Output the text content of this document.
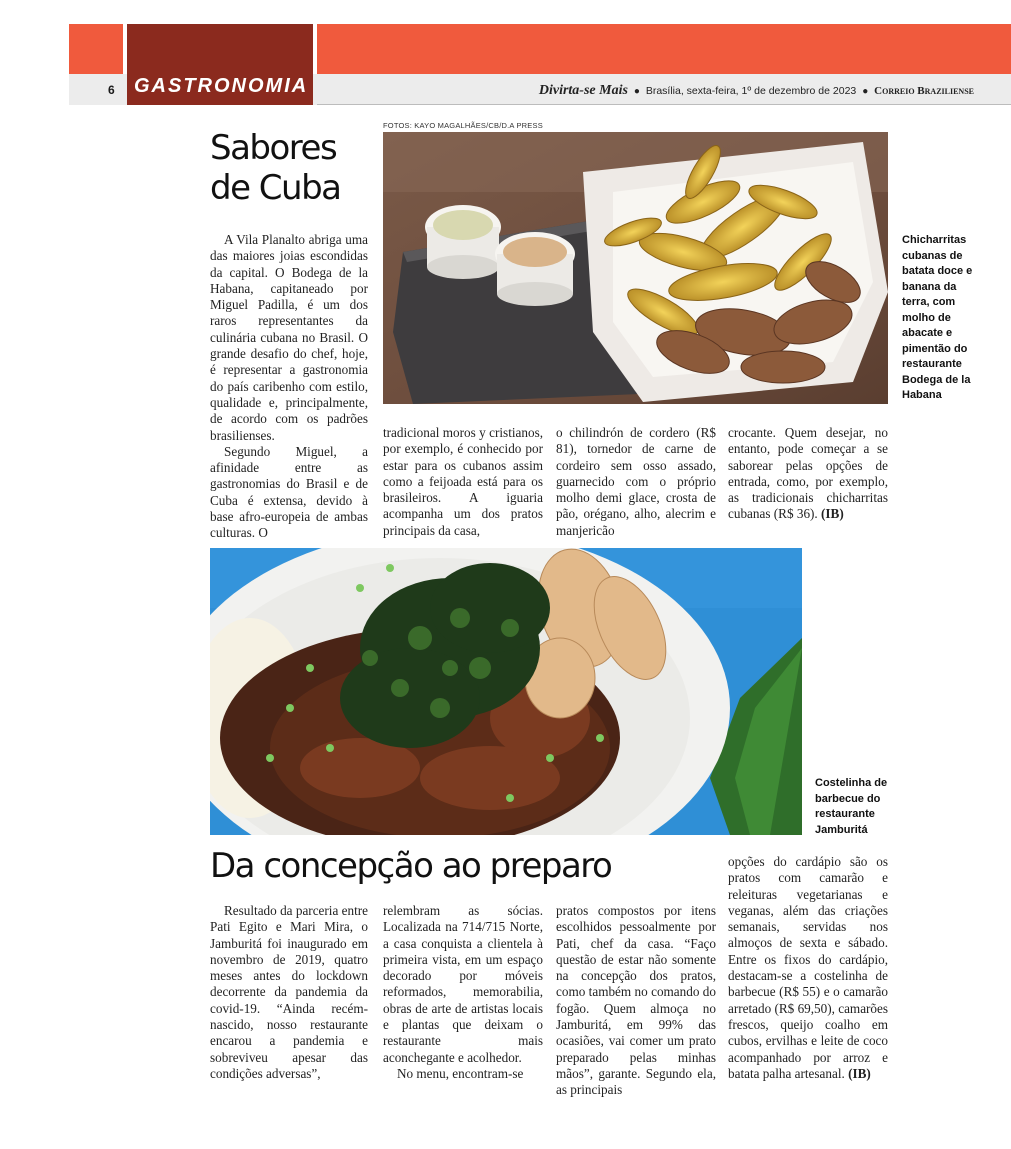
GASTRONOMIA
6	Divirta-se Mais ● Brasília, sexta-feira, 1º de dezembro de 2023 ● Correio Braziliense
Sabores
de Cuba
FOTOS: KAYO MAGALHÃES/CB/D.A PRESS
Chicharritas cubanas de batata doce e banana da terra, com molho de abacate e pimentão do restaurante Bodega de la Habana

A Vila Planalto abriga uma das maiores joias escondidas da capital. O Bodega de la Habana, capitaneado por Miguel Padilla, é um dos raros representantes da culinária cubana no Brasil. O grande desafio do chef, hoje, é representar a gastronomia do país caribenho com estilo, qualidade e, principalmente, de acordo com os padrões brasilienses.

Segundo Miguel, a afinidade entre as gastronomias do Brasil e de Cuba é extensa, devido à base afro-europeia de ambas culturas. O

tradicional moros y cristianos, por exemplo, é conhecido por estar para os cubanos assim como a feijoada está para os brasileiros. A iguaria acompanha um dos pratos principais da casa,

o chilindrón de cordero (R$ 81), tornedor de carne de cordeiro sem osso assado, guarnecido com o próprio molho demi glace, crosta de pão, orégano, alho, alecrim e manjericão

crocante. Quem desejar, no entanto, pode começar a se saborear pelas opções de entrada, como, por exemplo, as tradicionais chicharritas cubanas (R$ 36). (IB)

Costelinha de barbecue do restaurante Jamburitá
Da concepção ao preparo

Resultado da parceria entre Pati Egito e Mari Mira, o Jamburitá foi inaugurado em novembro de 2019, quatro meses antes do lockdown decorrente da pandemia da covid-19. “Ainda recém-nascido, nosso restaurante encarou a pandemia e sobreviveu apesar das condições adversas”,

relembram as sócias. Localizada na 714/715 Norte, a casa conquista a clientela à primeira vista, em um espaço decorado por móveis reformados, memorabilia, obras de arte de artistas locais e plantas que deixam o restaurante mais aconchegante e acolhedor.

No menu, encontram-se

pratos compostos por itens escolhidos pessoalmente por Pati, chef da casa. “Faço questão de estar não somente na concepção dos pratos, como também no comando do fogão. Quem almoça no Jamburitá, em 99% das ocasiões, vai comer um prato preparado pelas minhas mãos”, garante. Segundo ela, as principais

opções do cardápio são os pratos com camarão e releituras vegetarianas e veganas, além das criações semanais, servidas nos almoços de sexta e sábado. Entre os fixos do cardápio, destacam-se a costelinha de barbecue (R$ 55) e o camarão arretado (R$ 69,50), camarões frescos, queijo coalho em cubos, ervilhas e leite de coco acompanhado por arroz e batata palha artesanal. (IB)
